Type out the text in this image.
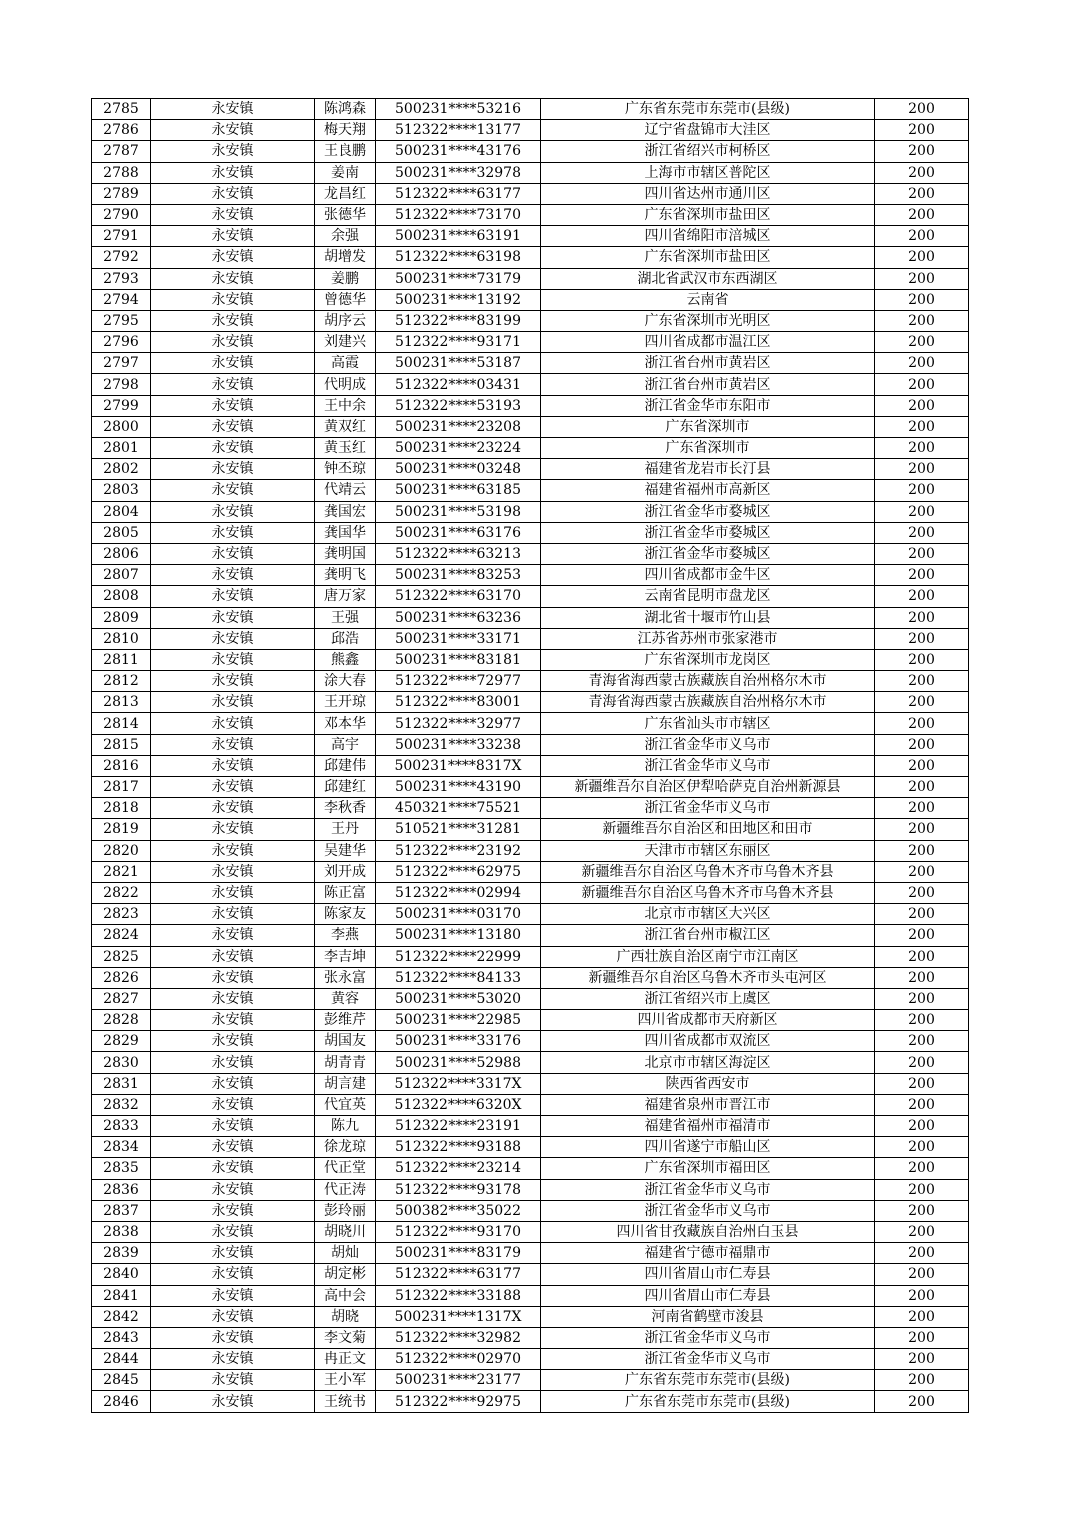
2785	永安镇	陈鸿森	500231****53216	广东省东莞市东莞市(县级)	200
2786	永安镇	梅天翔	512322****13177	辽宁省盘锦市大洼区	200
2787	永安镇	王良鹏	500231****43176	浙江省绍兴市柯桥区	200
2788	永安镇	姜南	500231****32978	上海市市辖区普陀区	200
2789	永安镇	龙昌红	512322****63177	四川省达州市通川区	200
2790	永安镇	张德华	512322****73170	广东省深圳市盐田区	200
2791	永安镇	余强	500231****63191	四川省绵阳市涪城区	200
2792	永安镇	胡增发	512322****63198	广东省深圳市盐田区	200
2793	永安镇	姜鹏	500231****73179	湖北省武汉市东西湖区	200
2794	永安镇	曾德华	500231****13192	云南省	200
2795	永安镇	胡序云	512322****83199	广东省深圳市光明区	200
2796	永安镇	刘建兴	512322****93171	四川省成都市温江区	200
2797	永安镇	高霞	500231****53187	浙江省台州市黄岩区	200
2798	永安镇	代明成	512322****03431	浙江省台州市黄岩区	200
2799	永安镇	王中余	512322****53193	浙江省金华市东阳市	200
2800	永安镇	黄双红	500231****23208	广东省深圳市	200
2801	永安镇	黄玉红	500231****23224	广东省深圳市	200
2802	永安镇	钟丕琼	500231****03248	福建省龙岩市长汀县	200
2803	永安镇	代靖云	500231****63185	福建省福州市高新区	200
2804	永安镇	龚国宏	500231****53198	浙江省金华市婺城区	200
2805	永安镇	龚国华	500231****63176	浙江省金华市婺城区	200
2806	永安镇	龚明国	512322****63213	浙江省金华市婺城区	200
2807	永安镇	龚明飞	500231****83253	四川省成都市金牛区	200
2808	永安镇	唐万家	512322****63170	云南省昆明市盘龙区	200
2809	永安镇	王强	500231****63236	湖北省十堰市竹山县	200
2810	永安镇	邱浩	500231****33171	江苏省苏州市张家港市	200
2811	永安镇	熊鑫	500231****83181	广东省深圳市龙岗区	200
2812	永安镇	涂大春	512322****72977	青海省海西蒙古族藏族自治州格尔木市	200
2813	永安镇	王开琼	512322****83001	青海省海西蒙古族藏族自治州格尔木市	200
2814	永安镇	邓本华	512322****32977	广东省汕头市市辖区	200
2815	永安镇	高宇	500231****33238	浙江省金华市义乌市	200
2816	永安镇	邱建伟	500231****8317X	浙江省金华市义乌市	200
2817	永安镇	邱建红	500231****43190	新疆维吾尔自治区伊犁哈萨克自治州新源县	200
2818	永安镇	李秋香	450321****75521	浙江省金华市义乌市	200
2819	永安镇	王丹	510521****31281	新疆维吾尔自治区和田地区和田市	200
2820	永安镇	吴建华	512322****23192	天津市市辖区东丽区	200
2821	永安镇	刘开成	512322****62975	新疆维吾尔自治区乌鲁木齐市乌鲁木齐县	200
2822	永安镇	陈正富	512322****02994	新疆维吾尔自治区乌鲁木齐市乌鲁木齐县	200
2823	永安镇	陈家友	500231****03170	北京市市辖区大兴区	200
2824	永安镇	李燕	500231****13180	浙江省台州市椒江区	200
2825	永安镇	李吉坤	512322****22999	广西壮族自治区南宁市江南区	200
2826	永安镇	张永富	512322****84133	新疆维吾尔自治区乌鲁木齐市头屯河区	200
2827	永安镇	黄容	500231****53020	浙江省绍兴市上虞区	200
2828	永安镇	彭维芹	500231****22985	四川省成都市天府新区	200
2829	永安镇	胡国友	500231****33176	四川省成都市双流区	200
2830	永安镇	胡青青	500231****52988	北京市市辖区海淀区	200
2831	永安镇	胡言建	512322****3317X	陕西省西安市	200
2832	永安镇	代宜英	512322****6320X	福建省泉州市晋江市	200
2833	永安镇	陈九	512322****23191	福建省福州市福清市	200
2834	永安镇	徐龙琼	512322****93188	四川省遂宁市船山区	200
2835	永安镇	代正堂	512322****23214	广东省深圳市福田区	200
2836	永安镇	代正涛	512322****93178	浙江省金华市义乌市	200
2837	永安镇	彭玲丽	500382****35022	浙江省金华市义乌市	200
2838	永安镇	胡晓川	512322****93170	四川省甘孜藏族自治州白玉县	200
2839	永安镇	胡灿	500231****83179	福建省宁德市福鼎市	200
2840	永安镇	胡定彬	512322****63177	四川省眉山市仁寿县	200
2841	永安镇	高中会	512322****33188	四川省眉山市仁寿县	200
2842	永安镇	胡晓	500231****1317X	河南省鹤壁市浚县	200
2843	永安镇	李文菊	512322****32982	浙江省金华市义乌市	200
2844	永安镇	冉正文	512322****02970	浙江省金华市义乌市	200
2845	永安镇	王小军	500231****23177	广东省东莞市东莞市(县级)	200
2846	永安镇	王统书	512322****92975	广东省东莞市东莞市(县级)	200
